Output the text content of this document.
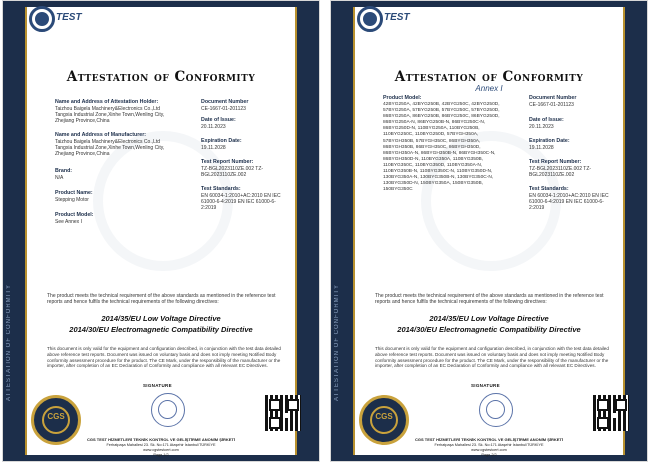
ATTESTATION OF CONFORMITY
TEST
Attestation of Conformity
Name and Address of Attestation Holder:
Taizhou Baigela Machinery&Electronics Co.,Ltd Tangxia Industrial Zone,Xinhe Town,Wenling City, Zhejiang Province,China
Name and Address of Manufacturer:
Taizhou Baigela Machinery&Electronics Co.,Ltd Tangxia Industrial Zone,Xinhe Town,Wenling City, Zhejiang Province,China
Brand:
N/A
Product Name:
Stepping Motor
Product Model:
See Annex I
Document Number
CE-1667-01-201123
Date of Issue:
20.11.2023
Expiration Date:
19.11.2028
Test Report Number:
TZ-BGL2023110ZE.002 TZ-BGL2023110ZE.002
Test Standards:
EN 60034-1:2010+AC:2010 EN IEC 61000-6-4:2019 EN IEC 61000-6-2:2019
The product meets the technical requirement of the above standards as mentioned in the reference test reports and hence fulfils the technical requirements of the following directives:
2014/35/EU Low Voltage Directive
2014/30/EU Electromagnetic Compatibility Directive
This document is only valid for the equipment and configuration described, in conjunction with the test data detailed above reference test reports. Document was issued on voluntary basis and does not imply meeting Notified Body conformity assessment procedure for the product. The CE Mark, under the responsibility of the manufacturer or the importer, after completion of an EC Declaration of Conformity and compliance with all relevant EC Directives.
CGS
SIGNATURE
CGS TEST HİZMETLERİ TEKNİK KONTROL VE GELİŞTİRME ANONİM ŞİRKETİ
Ferhatpaşa Mahallesi 23. Sk. No:171 Ataşehir İstanbul/TÜRKİYE
www.cgstestcert.com
Page 1/2
ATTESTATION OF CONFORMITY
TEST
Attestation of Conformity
Annex I
Product Model:
42BYG250A, 42BYG250B, 42BYG250C, 42BYG250D, 57BYG250A, 57BYG250B, 57BYG250C, 57BYG250D, 86BYG250A, 86BYG250B, 86BYG250C, 86BYG250D, 86BYG250A-N, 86BYG250B-N, 86BYG250C-N, 86BYG250D-N, 110BYG250A, 110BYG250B, 110BYG250C, 110BYG250D, 57BYGH350A, 57BYGH350B, 57BYGH350C, 86BYGH350A, 86BYGH350B, 86BYGH350C, 86BYGH350D, 86BYGH350A-N, 86BYGH350B-N, 86BYGH350C-N, 86BYGH350D-N, 110BYG350A, 110BYG350B, 110BYG350C, 110BYG350D, 110BYG350A-N, 110BYG350B-N, 110BYG350C-N, 110BYG350D-N, 130BYG350A-N, 130BYG350B-N, 130BYG350C-N, 130BYG350D-N, 150BYG350A, 150BYG350B, 150BYG350C
Document Number
CE-1667-01-201123
Date of Issue:
20.11.2023
Expiration Date:
19.11.2028
Test Report Number:
TZ-BGL2023110ZE.002 TZ-BGL2023110ZE.002
Test Standards:
EN 60034-1:2010+AC:2010 EN IEC 61000-6-4:2019 EN IEC 61000-6-2:2019
The product meets the technical requirement of the above standards as mentioned in the reference test reports and hence fulfils the technical requirements of the following directives:
2014/35/EU Low Voltage Directive
2014/30/EU Electromagnetic Compatibility Directive
This document is only valid for the equipment and configuration described, in conjunction with the test data detailed above reference test reports. Document was issued on voluntary basis and does not imply meeting Notified Body conformity assessment procedure for the product. The CE Mark, under the responsibility of the manufacturer or the importer, after completion of an EC Declaration of Conformity and compliance with all relevant EC Directives.
CGS
SIGNATURE
CGS TEST HİZMETLERİ TEKNİK KONTROL VE GELİŞTİRME ANONİM ŞİRKETİ
Ferhatpaşa Mahallesi 23. Sk. No:171 Ataşehir İstanbul/TÜRKİYE
www.cgstestcert.com
Page 2/2
